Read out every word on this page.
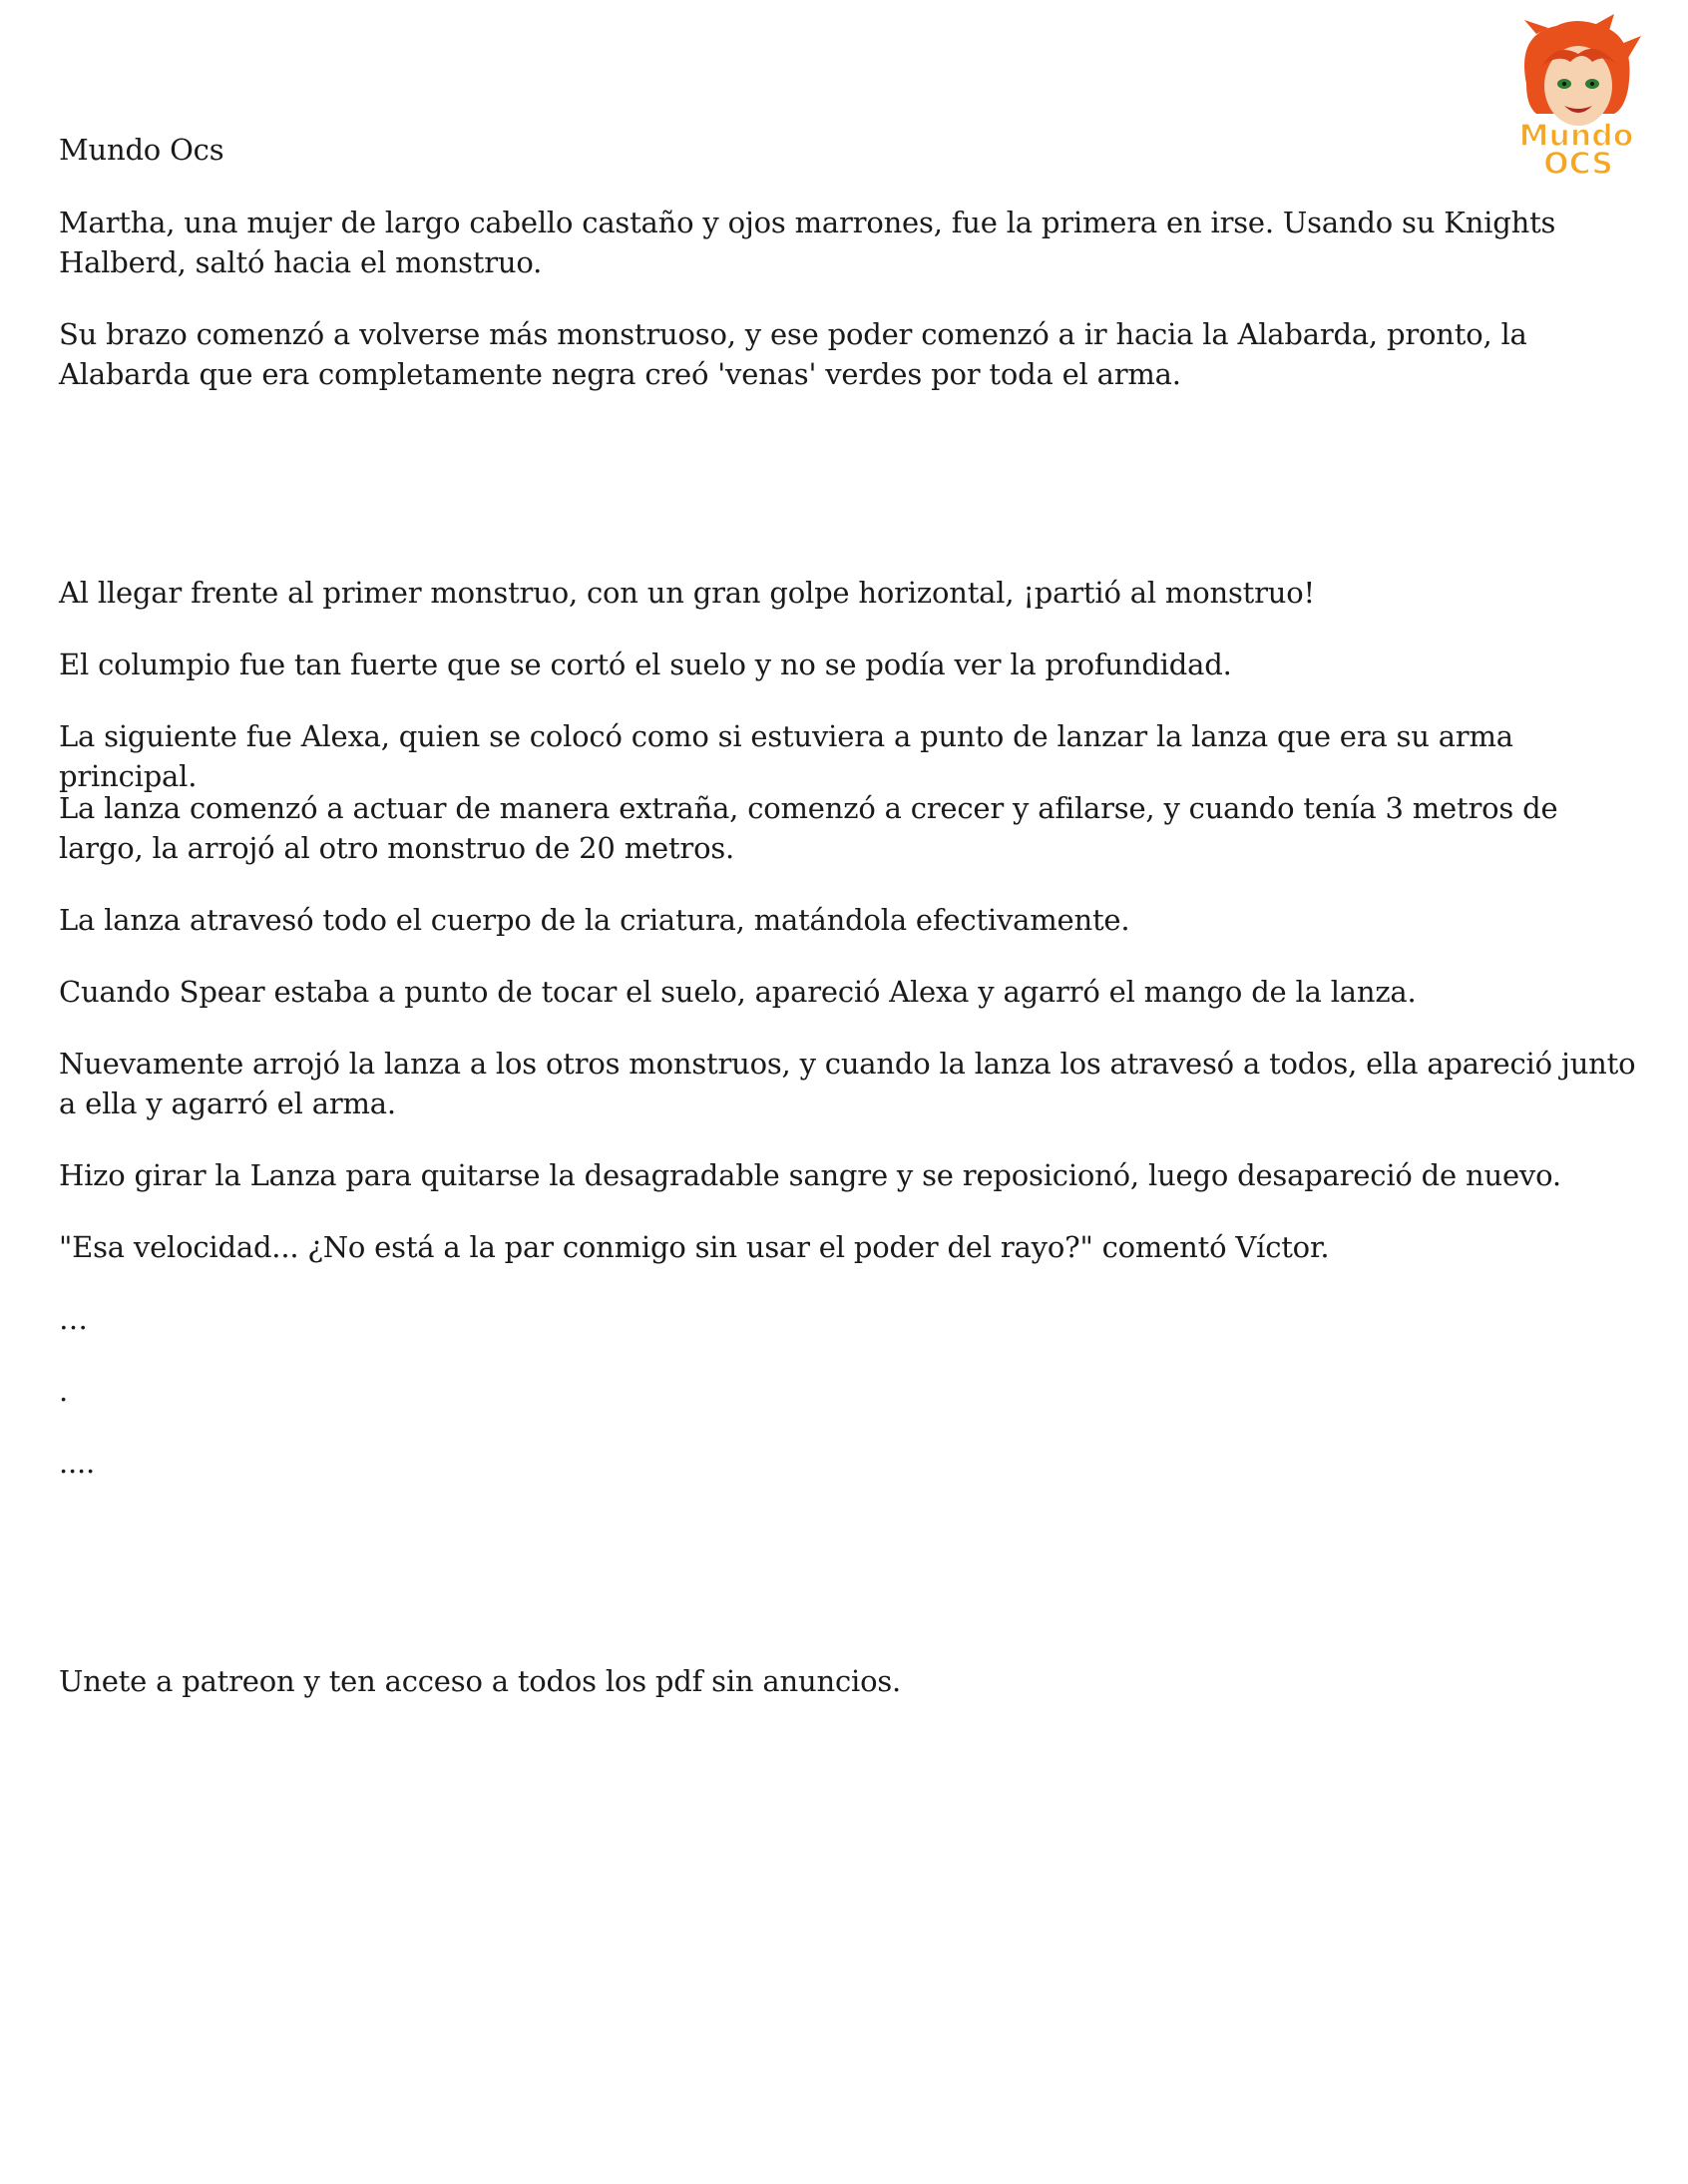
Mundo
OCS

Mundo Ocs

Martha, una mujer de largo cabello castaño y ojos marrones, fue la primera en irse. Usando su Knights Halberd, saltó hacia el monstruo.

Su brazo comenzó a volverse más monstruoso, y ese poder comenzó a ir hacia la Alabarda, pronto, la Alabarda que era completamente negra creó 'venas' verdes por toda el arma.

Al llegar frente al primer monstruo, con un gran golpe horizontal, ¡partió al monstruo!

El columpio fue tan fuerte que se cortó el suelo y no se podía ver la profundidad.

La siguiente fue Alexa, quien se colocó como si estuviera a punto de lanzar la lanza que era su arma principal.

La lanza comenzó a actuar de manera extraña, comenzó a crecer y afilarse, y cuando tenía 3 metros de largo, la arrojó al otro monstruo de 20 metros.

La lanza atravesó todo el cuerpo de la criatura, matándola efectivamente.

Cuando Spear estaba a punto de tocar el suelo, apareció Alexa y agarró el mango de la lanza.

Nuevamente arrojó la lanza a los otros monstruos, y cuando la lanza los atravesó a todos, ella apareció junto a ella y agarró el arma.

Hizo girar la Lanza para quitarse la desagradable sangre y se reposicionó, luego desapareció de nuevo.

"Esa velocidad... ¿No está a la par conmigo sin usar el poder del rayo?" comentó Víctor.

…

.

....

Unete a patreon y ten acceso a todos los pdf sin anuncios.
